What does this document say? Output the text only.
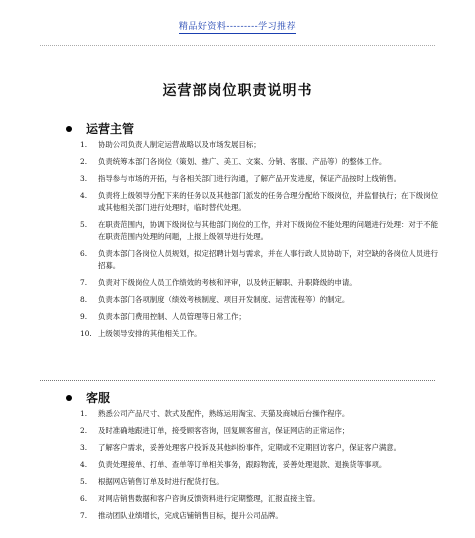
精品好资料---------学习推荐
运营部岗位职责说明书
运营主管
1. 协助公司负责人制定运营战略以及市场发展目标；
2. 负责统筹本部门各岗位（策划、推广、美工、文案、分销、客服、产品等）的整体工作。
3. 指导参与市场的开拓，与各相关部门进行沟通，了解产品开发进度，保证产品按时上线销售。
4. 负责将上级领导分配下来的任务以及其他部门派发的任务合理分配给下级岗位，并监督执行；在下级岗位或其他相关部门进行处理时，临时替代处理。
5. 在职责范围内，协调下级岗位与其他部门岗位的工作，并对下级岗位不能处理的问题进行处理：对于不能在职责范围内处理的问题，上报上级领导进行处理。
6. 负责本部门各岗位人员规划，拟定招聘计划与需求，并在人事行政人员协助下，对空缺的各岗位人员进行招募。
7. 负责对下级岗位人员工作绩效的考核和评审，以及转正解职、升职降级的申请。
8. 负责本部门各项制度（绩效考核制度、项目开发制度、运营流程等）的制定。
9. 负责本部门费用控制、人员管理等日常工作；
10. 上级领导安排的其他相关工作。
客服
1. 熟悉公司产品尺寸、款式及配件，熟练运用淘宝、天猫及商城后台操作程序。
2. 及时准确地跟进订单，接受顾客咨询，回复顾客留言，保证网店的正常运作；
3. 了解客户需求，妥善处理客户投诉及其他纠纷事件，定期或不定期回访客户，保证客户满意。
4. 负责处理接单、打单、查单等订单相关事务，跟踪物流，妥善处理退款、退换货等事项。
5. 根据网店销售订单及时进行配货打包。
6. 对网店销售数据和客户咨询反馈资料进行定期整理，汇报直接主管。
7. 推动团队业绩增长，完成店铺销售目标，提升公司品牌。
